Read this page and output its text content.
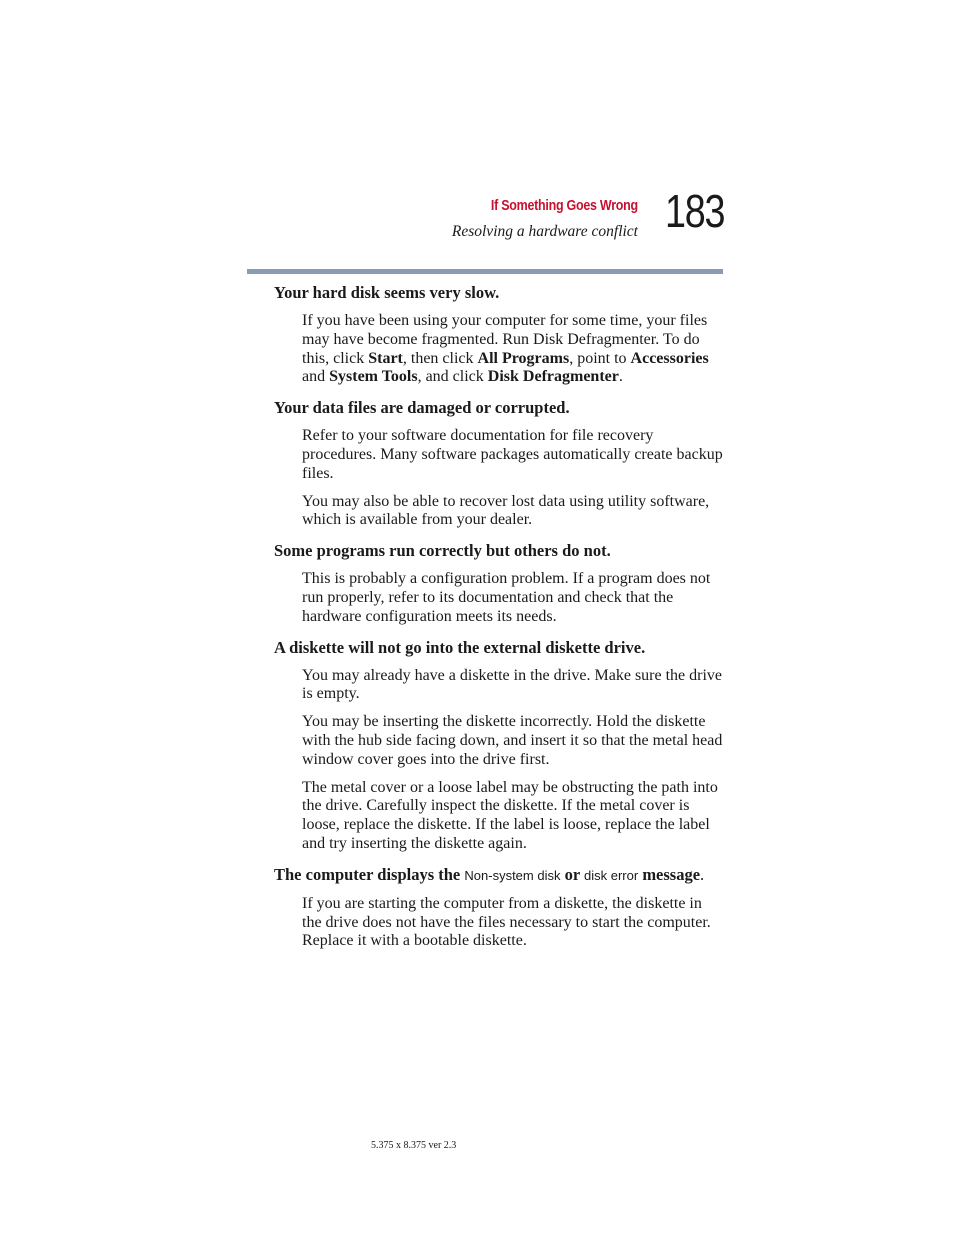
If Something Goes Wrong
Resolving a hardware conflict 183
Your hard disk seems very slow.

If you have been using your computer for some time, your files may have become fragmented. Run Disk Defragmenter. To do this, click Start, then click All Programs, point to Accessories and System Tools, and click Disk Defragmenter.

Your data files are damaged or corrupted.

Refer to your software documentation for file recovery procedures. Many software packages automatically create backup files.

You may also be able to recover lost data using utility software, which is available from your dealer.

Some programs run correctly but others do not.

This is probably a configuration problem. If a program does not run properly, refer to its documentation and check that the hardware configuration meets its needs.

A diskette will not go into the external diskette drive.

You may already have a diskette in the drive. Make sure the drive is empty.

You may be inserting the diskette incorrectly. Hold the diskette with the hub side facing down, and insert it so that the metal head window cover goes into the drive first.

The metal cover or a loose label may be obstructing the path into the drive. Carefully inspect the diskette. If the metal cover is loose, replace the diskette. If the label is loose, replace the label and try inserting the diskette again.

The computer displays the Non-system disk or disk error message.

If you are starting the computer from a diskette, the diskette in the drive does not have the files necessary to start the computer. Replace it with a bootable diskette.

5.375 x 8.375 ver 2.3
